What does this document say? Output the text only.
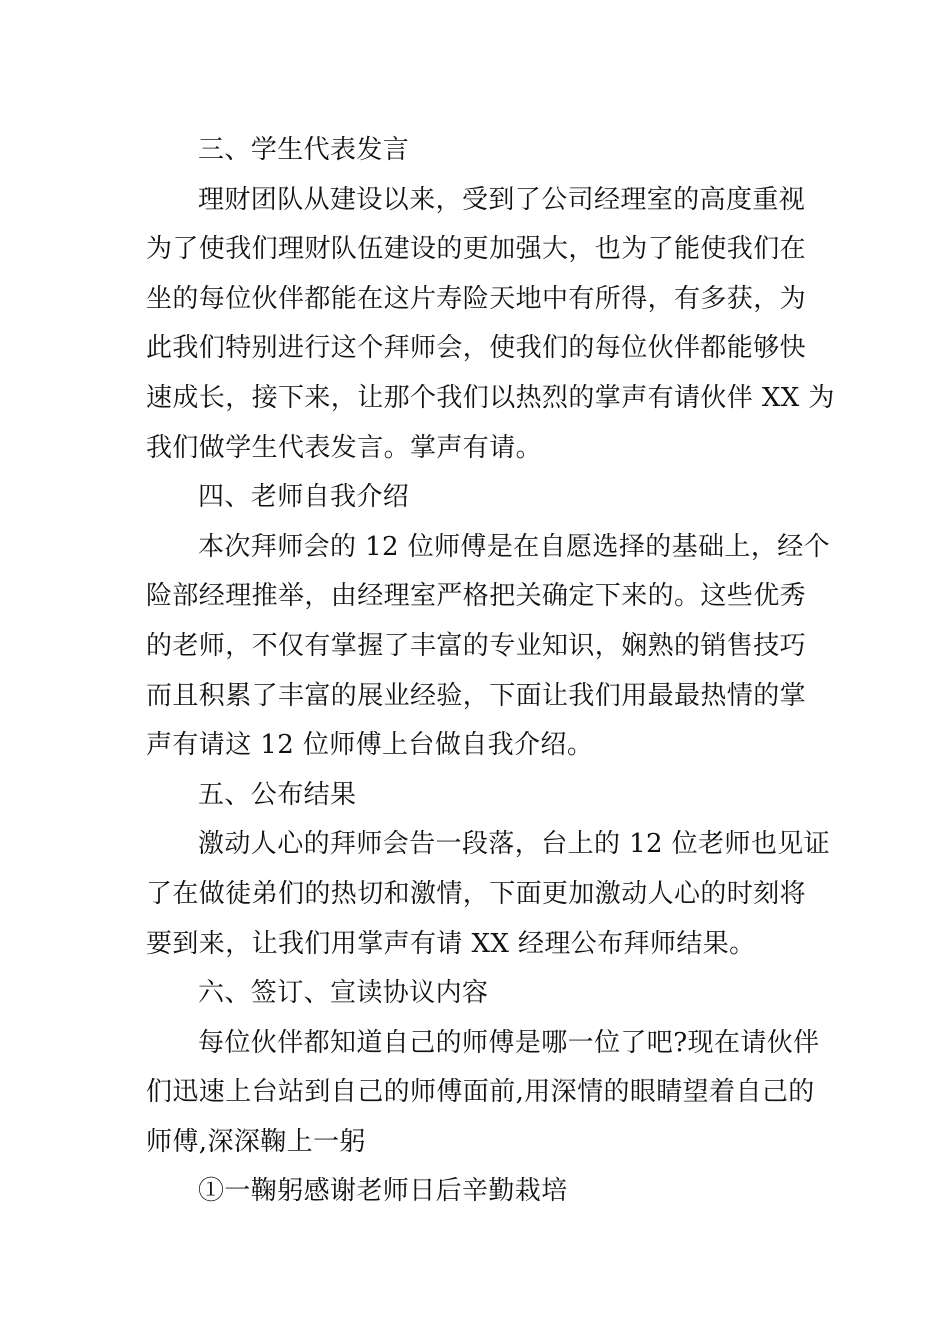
三、学生代表发言
理财团队从建设以来，受到了公司经理室的高度重视
为了使我们理财队伍建设的更加强大，也为了能使我们在
坐的每位伙伴都能在这片寿险天地中有所得，有多获，为
此我们特别进行这个拜师会，使我们的每位伙伴都能够快
速成长，接下来，让那个我们以热烈的掌声有请伙伴 XX 为
我们做学生代表发言。掌声有请。
四、老师自我介绍
本次拜师会的 12 位师傅是在自愿选择的基础上，经个
险部经理推举，由经理室严格把关确定下来的。这些优秀
的老师，不仅有掌握了丰富的专业知识，娴熟的销售技巧
而且积累了丰富的展业经验，下面让我们用最最热情的掌
声有请这 12 位师傅上台做自我介绍。
五、公布结果
激动人心的拜师会告一段落，台上的 12 位老师也见证
了在做徒弟们的热切和激情，下面更加激动人心的时刻将
要到来，让我们用掌声有请 XX 经理公布拜师结果。
六、签订、宣读协议内容
每位伙伴都知道自己的师傅是哪一位了吧?现在请伙伴
们迅速上台站到自己的师傅面前,用深情的眼睛望着自己的
师傅,深深鞠上一躬
①一鞠躬感谢老师日后辛勤栽培
